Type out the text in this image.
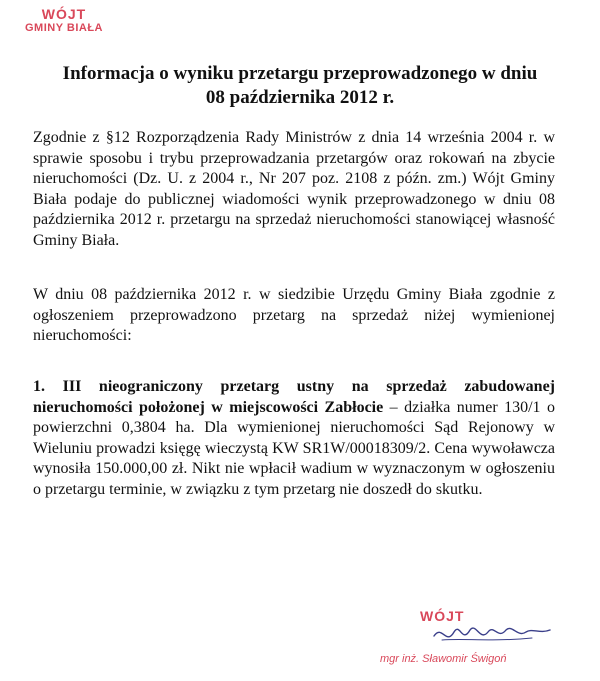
WÓJT
GMINY BIAŁA
Informacja o wyniku przetargu przeprowadzonego w dniu
08 października 2012 r.

Zgodnie z §12 Rozporządzenia Rady Ministrów z dnia 14 września 2004 r. w sprawie sposobu i trybu przeprowadzania przetargów oraz rokowań na zbycie nieruchomości (Dz. U. z 2004 r., Nr 207 poz. 2108 z późn. zm.) Wójt Gminy Biała podaje do publicznej wiadomości wynik przeprowadzonego w dniu 08 października 2012 r. przetargu na sprzedaż nieruchomości stanowiącej własność Gminy Biała.

W dniu 08 października 2012 r. w siedzibie Urzędu Gminy Biała zgodnie z ogłoszeniem przeprowadzono przetarg na sprzedaż niżej wymienionej nieruchomości:

1. III nieograniczony przetarg ustny na sprzedaż zabudowanej nieruchomości położonej w miejscowości Zabłocie – działka numer 130/1 o powierzchni 0,3804 ha. Dla wymienionej nieruchomości Sąd Rejonowy w Wieluniu prowadzi księgę wieczystą KW SR1W/00018309/2. Cena wywoławcza wynosiła 150.000,00 zł. Nikt nie wpłacił wadium w wyznaczonym w ogłoszeniu o przetargu terminie, w związku z tym przetarg nie doszedł do skutku.

WÓJT
mgr inż. Sławomir Świgoń
